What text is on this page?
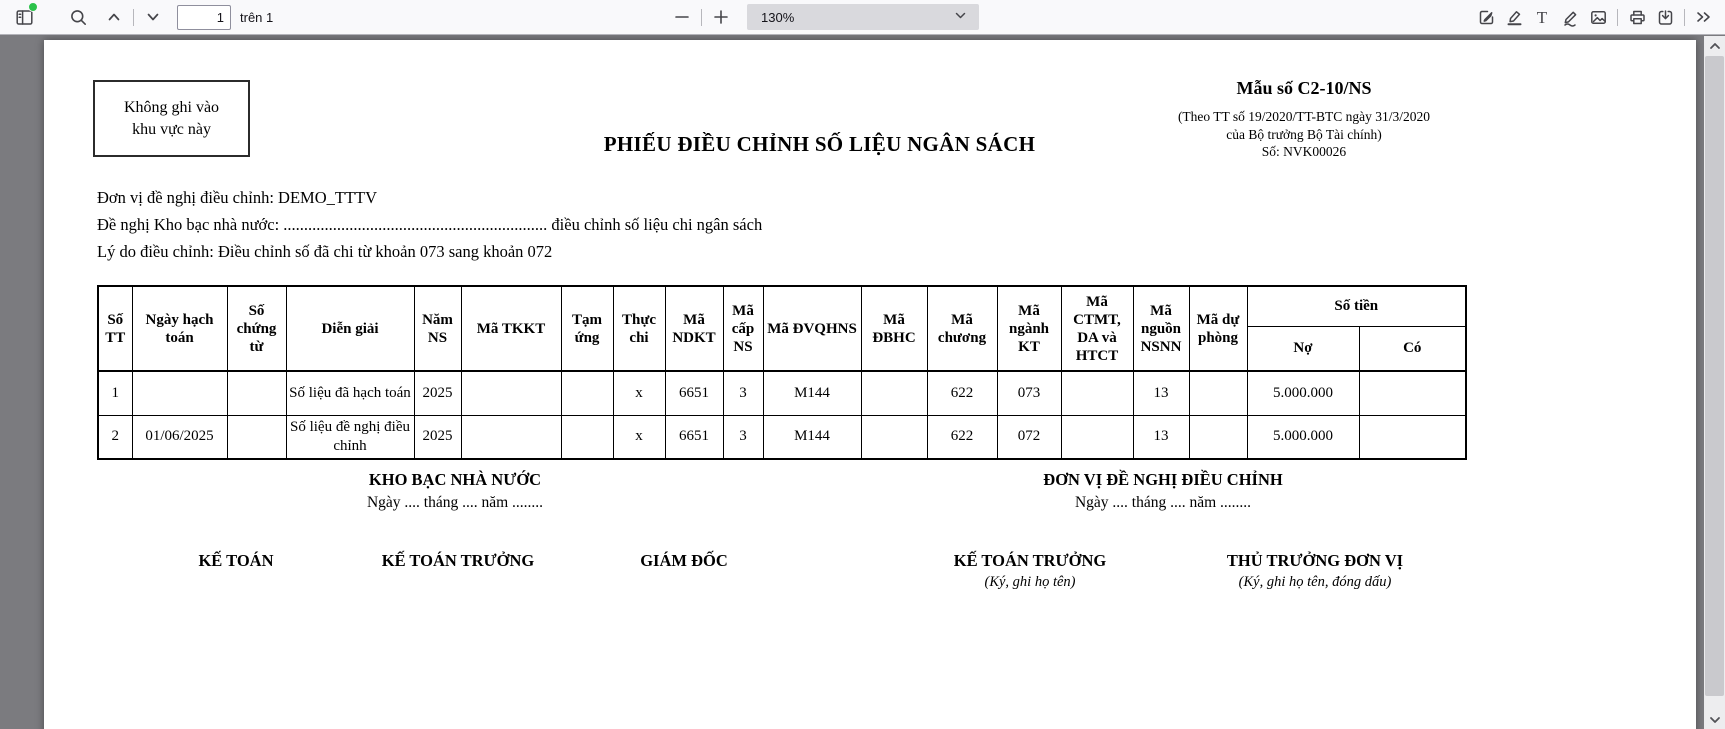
1
trên 1	130%	T
Không ghi vào
khu vực này
PHIẾU ĐIỀU CHỈNH SỐ LIỆU NGÂN SÁCH
Mẫu số C2-10/NS
(Theo TT số 19/2020/TT-BTC ngày 31/3/2020
của Bộ trưởng Bộ Tài chính)
Số: NVK00026
Đơn vị đề nghị điều chỉnh: DEMO_TTTV
Đề nghị Kho bạc nhà nước: ................................................................ điều chỉnh số liệu chi ngân sách
Lý do điều chỉnh: Điều chỉnh số đã chi từ khoản 073 sang khoản 072
Số TT	Ngày hạch toán	Số chứng từ	Diễn giải	Năm NS	Mã TKKT	Tạm ứng	Thực chi	Mã NDKT	Mã cấp NS	Mã ĐVQHNS	Mã ĐBHC	Mã chương	Mã ngành KT	Mã CTMT, DA và HTCT	Mã nguồn NSNN	Mã dự phòng	Số tiền	
																	Nợ	Có
1			Số liệu đã hạch toán	2025			x	6651	3	M144		622	073		13		5.000.000	
2	01/06/2025		Số liệu đề nghị điều chỉnh	2025			x	6651	3	M144		622	072		13		5.000.000	
KHO BẠC NHÀ NƯỚC
Ngày .... tháng .... năm ........
ĐƠN VỊ ĐỀ NGHỊ ĐIỀU CHỈNH
Ngày .... tháng .... năm ........
KẾ TOÁN	KẾ TOÁN TRƯỞNG	GIÁM ĐỐC	KẾ TOÁN TRƯỞNG
(Ký, ghi họ tên)
THỦ TRƯỞNG ĐƠN VỊ
(Ký, ghi họ tên, đóng dấu)
